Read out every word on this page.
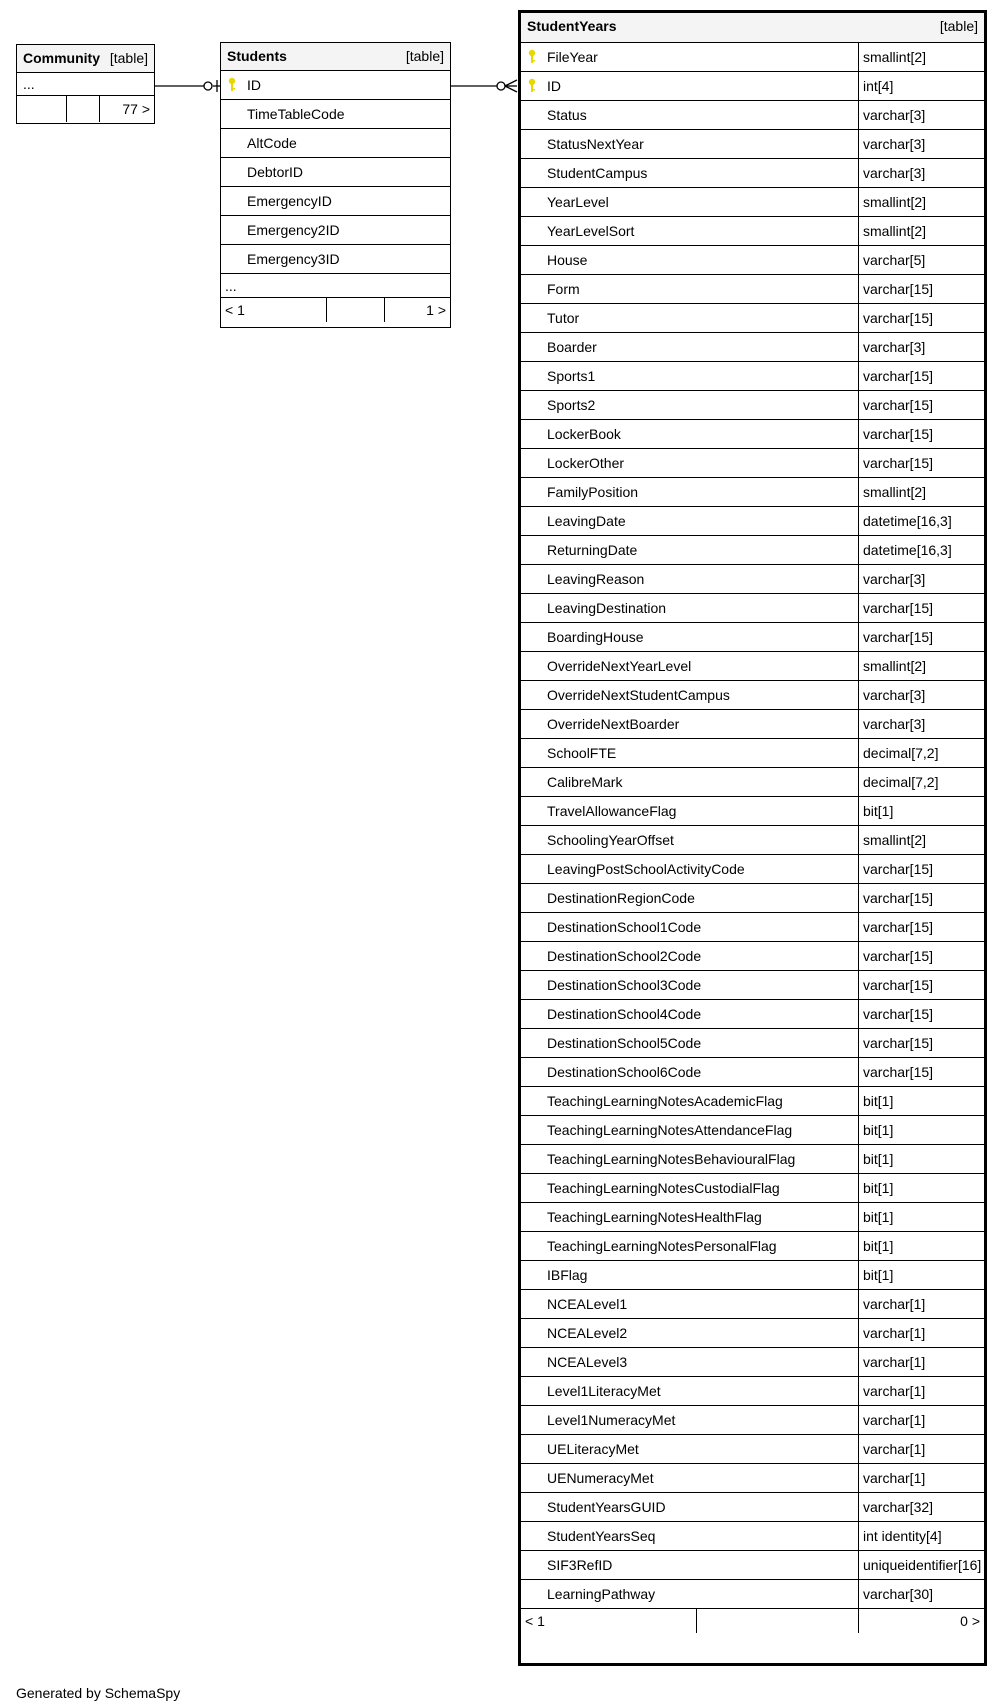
Community [table]
...
77 >
Students	[table]
ID
TimeTableCode
AltCode
DebtorID
EmergencyID
Emergency2ID
Emergency3ID
...
< 1	1 >
StudentYears	[table]
FileYear	smallint[2]
ID	int[4]
Status	varchar[3]
StatusNextYear	varchar[3]
StudentCampus	varchar[3]
YearLevel	smallint[2]
YearLevelSort	smallint[2]
House	varchar[5]
Form	varchar[15]
Tutor	varchar[15]
Boarder	varchar[3]
Sports1	varchar[15]
Sports2	varchar[15]
LockerBook	varchar[15]
LockerOther	varchar[15]
FamilyPosition	smallint[2]
LeavingDate	datetime[16,3]
ReturningDate	datetime[16,3]
LeavingReason	varchar[3]
LeavingDestination	varchar[15]
BoardingHouse	varchar[15]
OverrideNextYearLevel	smallint[2]
OverrideNextStudentCampus	varchar[3]
OverrideNextBoarder	varchar[3]
SchoolFTE	decimal[7,2]
CalibreMark	decimal[7,2]
TravelAllowanceFlag	bit[1]
SchoolingYearOffset	smallint[2]
LeavingPostSchoolActivityCode	varchar[15]
DestinationRegionCode	varchar[15]
DestinationSchool1Code	varchar[15]
DestinationSchool2Code	varchar[15]
DestinationSchool3Code	varchar[15]
DestinationSchool4Code	varchar[15]
DestinationSchool5Code	varchar[15]
DestinationSchool6Code	varchar[15]
TeachingLearningNotesAcademicFlag	bit[1]
TeachingLearningNotesAttendanceFlag	bit[1]
TeachingLearningNotesBehaviouralFlag	bit[1]
TeachingLearningNotesCustodialFlag	bit[1]
TeachingLearningNotesHealthFlag	bit[1]
TeachingLearningNotesPersonalFlag	bit[1]
IBFlag	bit[1]
NCEALevel1	varchar[1]
NCEALevel2	varchar[1]
NCEALevel3	varchar[1]
Level1LiteracyMet	varchar[1]
Level1NumeracyMet	varchar[1]
UELiteracyMet	varchar[1]
UENumeracyMet	varchar[1]
StudentYearsGUID	varchar[32]
StudentYearsSeq	int identity[4]
SIF3RefID	uniqueidentifier[16]
LearningPathway	varchar[30]
< 1	0 >
Generated by SchemaSpy
